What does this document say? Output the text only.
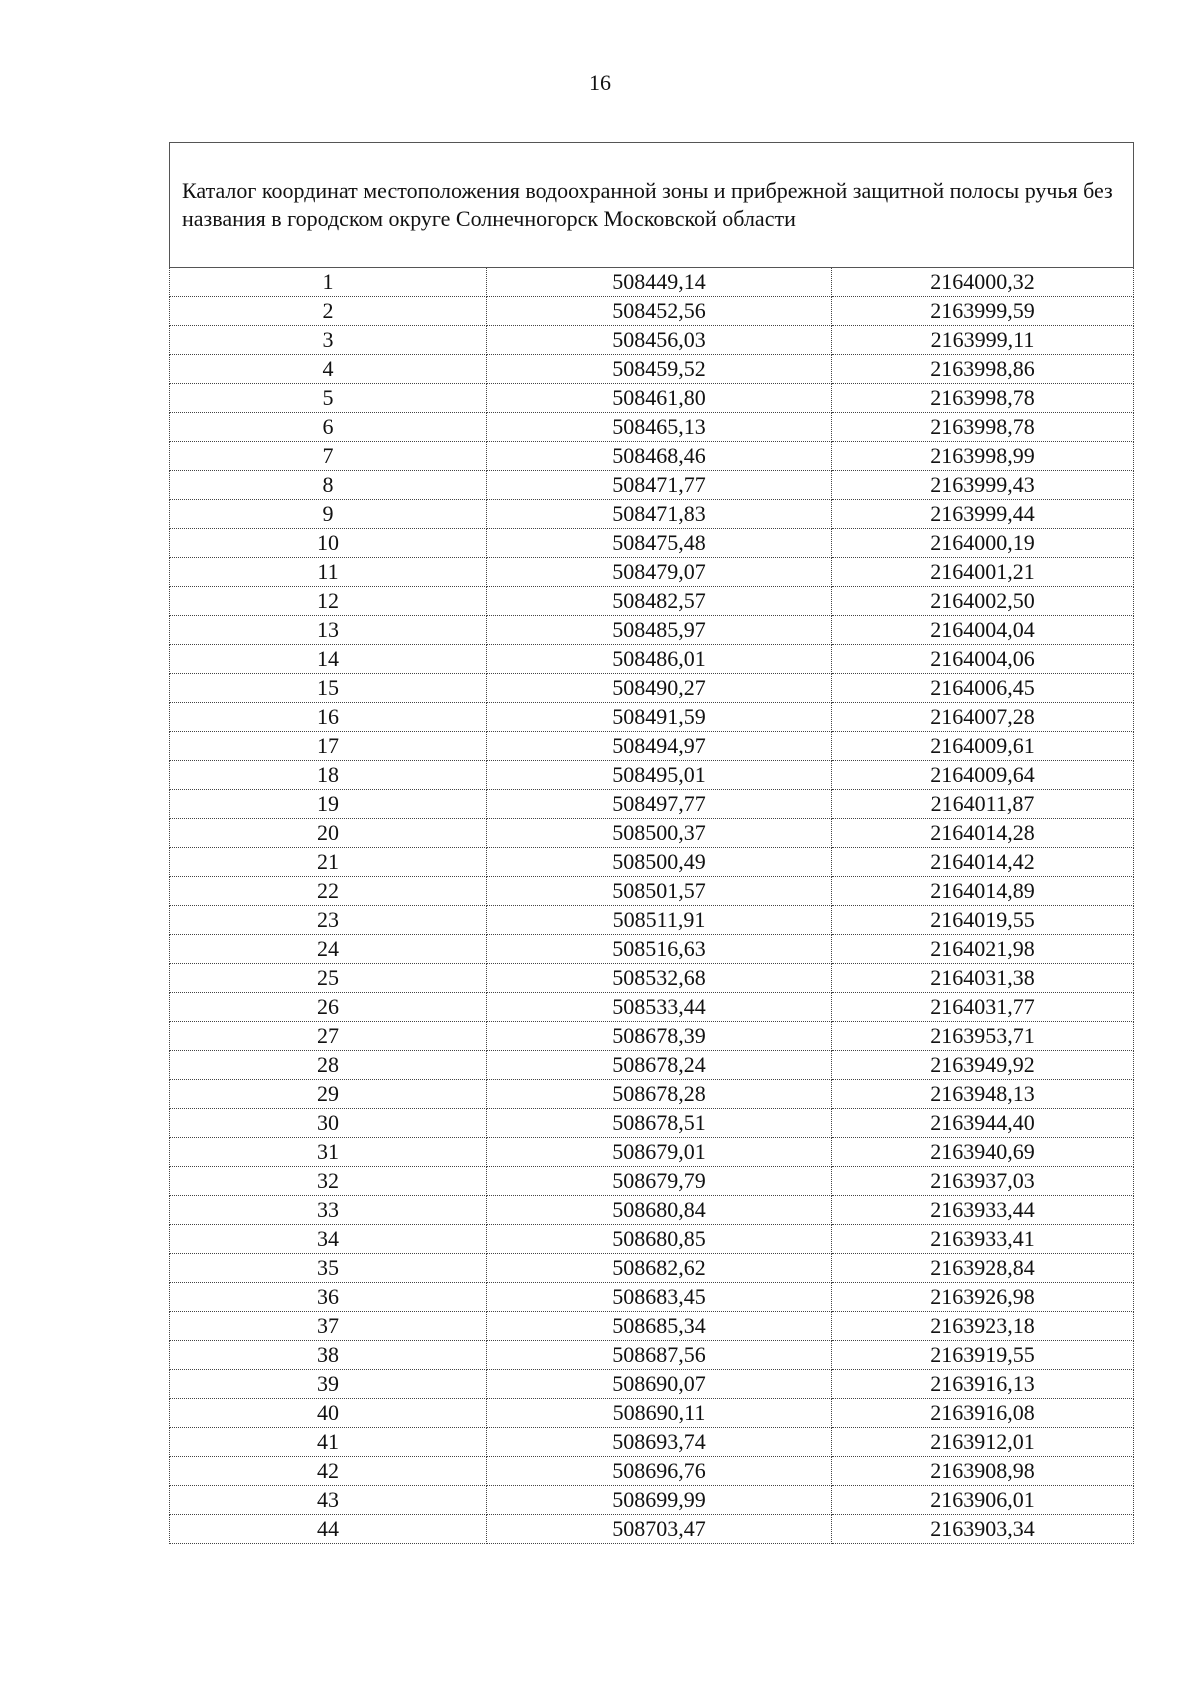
16
Каталог координат местоположения водоохранной зоны и прибрежной защитной полосы ручья без названия в городском округе Солнечногорск Московской области		
1	508449,14	2164000,32
2	508452,56	2163999,59
3	508456,03	2163999,11
4	508459,52	2163998,86
5	508461,80	2163998,78
6	508465,13	2163998,78
7	508468,46	2163998,99
8	508471,77	2163999,43
9	508471,83	2163999,44
10	508475,48	2164000,19
11	508479,07	2164001,21
12	508482,57	2164002,50
13	508485,97	2164004,04
14	508486,01	2164004,06
15	508490,27	2164006,45
16	508491,59	2164007,28
17	508494,97	2164009,61
18	508495,01	2164009,64
19	508497,77	2164011,87
20	508500,37	2164014,28
21	508500,49	2164014,42
22	508501,57	2164014,89
23	508511,91	2164019,55
24	508516,63	2164021,98
25	508532,68	2164031,38
26	508533,44	2164031,77
27	508678,39	2163953,71
28	508678,24	2163949,92
29	508678,28	2163948,13
30	508678,51	2163944,40
31	508679,01	2163940,69
32	508679,79	2163937,03
33	508680,84	2163933,44
34	508680,85	2163933,41
35	508682,62	2163928,84
36	508683,45	2163926,98
37	508685,34	2163923,18
38	508687,56	2163919,55
39	508690,07	2163916,13
40	508690,11	2163916,08
41	508693,74	2163912,01
42	508696,76	2163908,98
43	508699,99	2163906,01
44	508703,47	2163903,34
